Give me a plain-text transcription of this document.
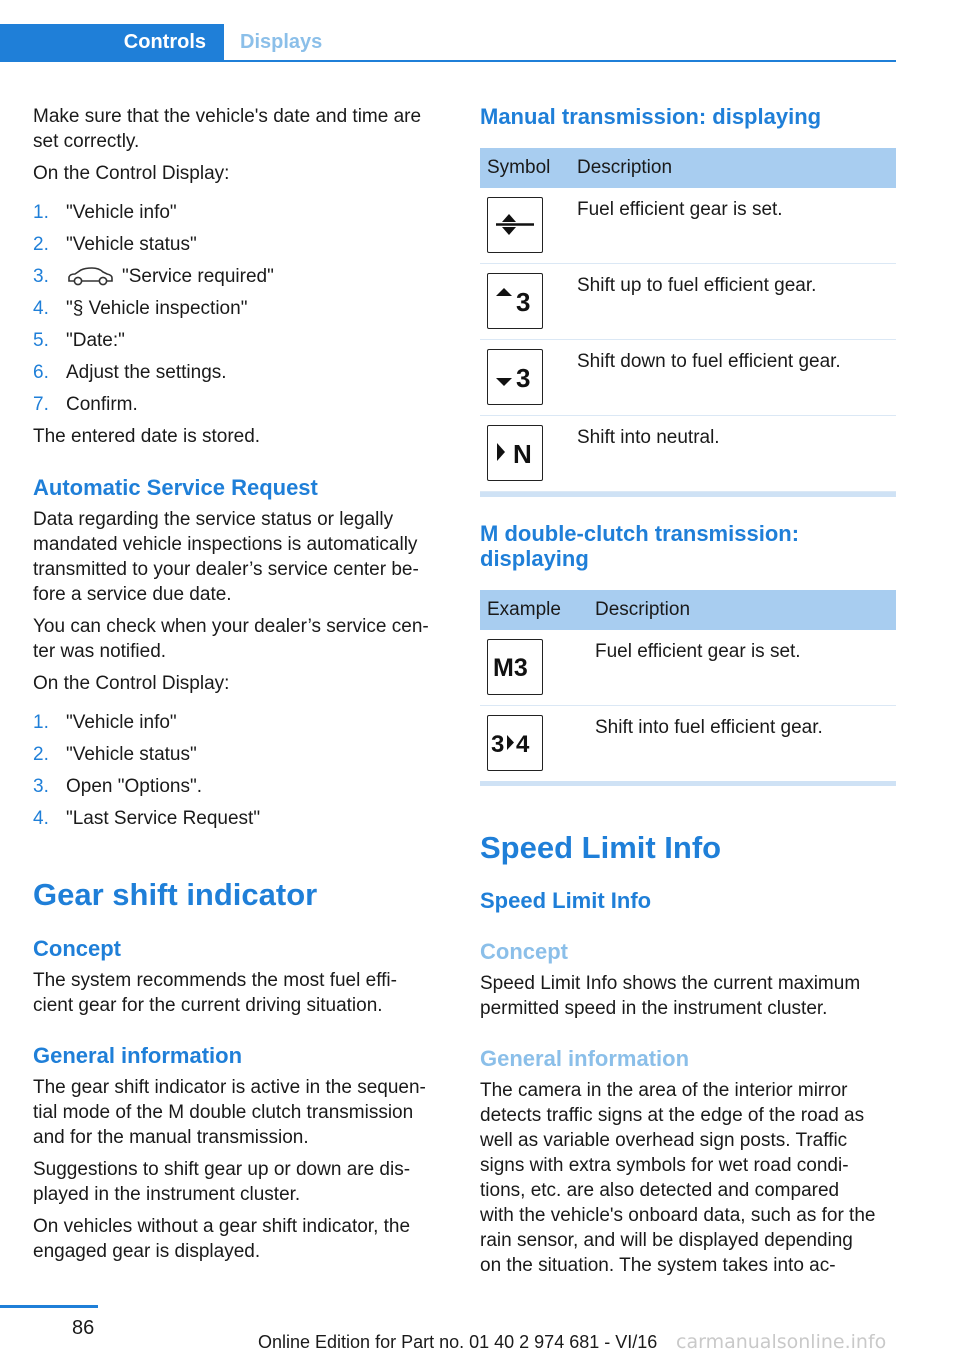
Controls Displays
Make sure that the vehicle's date and time are
set correctly.
On the Control Display:
1. "Vehicle info"
2. "Vehicle status"
3.	"Service required"
4. "§ Vehicle inspection"
5. "Date:"
6. Adjust the settings.
7. Confirm.
The entered date is stored.
Automatic Service Request
Data regarding the service status or legally
mandated vehicle inspections is automatically
transmitted to your dealer’s service center be‐
fore a service due date.
You can check when your dealer’s service cen‐
ter was notified.
On the Control Display:
1. "Vehicle info"
2. "Vehicle status"
3. Open "Options".
4. "Last Service Request"
Gear shift indicator
Concept
The system recommends the most fuel effi‐
cient gear for the current driving situation.
General information
The gear shift indicator is active in the sequen‐
tial mode of the M double clutch transmission
and for the manual transmission.
Suggestions to shift gear up or down are dis‐
played in the instrument cluster.
On vehicles without a gear shift indicator, the
engaged gear is displayed.
Manual transmission: displaying
Symbol Description
Fuel efficient gear is set.
3
Shift up to fuel efficient gear.
3
Shift down to fuel efficient gear.
N
Shift into neutral.
M double-clutch transmission:
displaying
Example Description
M3
Fuel efficient gear is set.
3 4
Shift into fuel efficient gear.
Speed Limit Info
Speed Limit Info
Concept
Speed Limit Info shows the current maximum
permitted speed in the instrument cluster.
General information
The camera in the area of the interior mirror
detects traffic signs at the edge of the road as
well as variable overhead sign posts. Traffic
signs with extra symbols for wet road condi‐
tions, etc. are also detected and compared
with the vehicle's onboard data, such as for the
rain sensor, and will be displayed depending
on the situation. The system takes into ac‐
86
Online Edition for Part no. 01 40 2 974 681 - VI/16 carmanualsonline.info
